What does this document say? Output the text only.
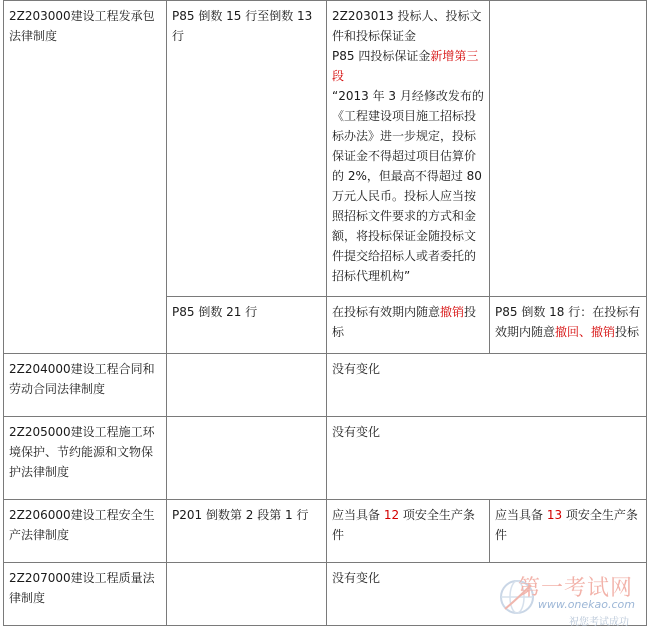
2Z203000建设工程发承包法律制度	P85 倒数 15 行至倒数 13 行	2Z203013 投标人、投标文件和投标保证金
P85 四投标保证金新增第三段
“2013 年 3 月经修改发布的《工程建设项目施工招标投标办法》进一步规定，投标保证金不得超过项目估算价的 2%，但最高不得超过 80 万元人民币。投标人应当按照招标文件要求的方式和金额，将投标保证金随投标文件提交给招标人或者委托的招标代理机构”	

	P85 倒数 21 行	在投标有效期内随意撤销投标	P85 倒数 18 行：在投标有效期内随意撤回、撤销投标
2Z204000建设工程合同和劳动合同法律制度		没有变化	
2Z205000建设工程施工环境保护、节约能源和文物保护法律制度		没有变化	
2Z206000建设工程安全生产法律制度	P201 倒数第 2 段第 1 行	应当具备 12 项安全生产条件	应当具备 13 项安全生产条件
2Z207000建设工程质量法律制度		没有变化		第一考试网
www.onekao.com
祝您考试成功
